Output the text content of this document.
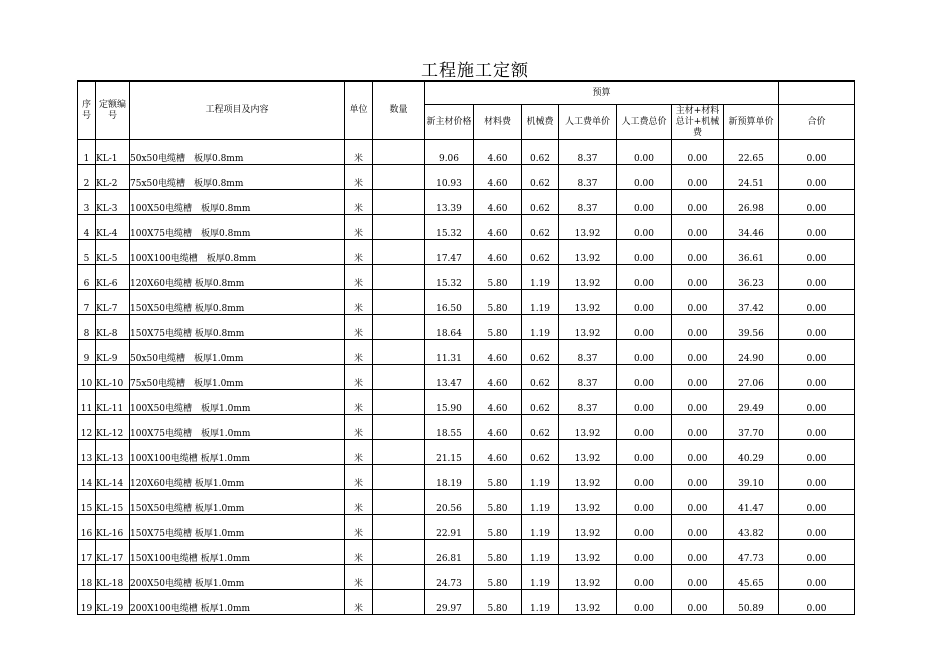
工程施工定额
序号	定额编号	工程项目及内容	单位	数量	预算							
					新主材价格	材料费	机械费	人工费单价	人工费总价	主材+材料总计+机械费	新预算单价	合价
1	KL-1	50x50电缆槽　板厚0.8mm	米		9.06	4.60	0.62	8.37	0.00	0.00	22.65	0.00
2	KL-2	75x50电缆槽　板厚0.8mm	米		10.93	4.60	0.62	8.37	0.00	0.00	24.51	0.00
3	KL-3	100X50电缆槽　板厚0.8mm	米		13.39	4.60	0.62	8.37	0.00	0.00	26.98	0.00
4	KL-4	100X75电缆槽　板厚0.8mm	米		15.32	4.60	0.62	13.92	0.00	0.00	34.46	0.00
5	KL-5	100X100电缆槽　板厚0.8mm	米		17.47	4.60	0.62	13.92	0.00	0.00	36.61	0.00
6	KL-6	120X60电缆槽 板厚0.8mm	米		15.32	5.80	1.19	13.92	0.00	0.00	36.23	0.00
7	KL-7	150X50电缆槽 板厚0.8mm	米		16.50	5.80	1.19	13.92	0.00	0.00	37.42	0.00
8	KL-8	150X75电缆槽 板厚0.8mm	米		18.64	5.80	1.19	13.92	0.00	0.00	39.56	0.00
9	KL-9	50x50电缆槽　板厚1.0mm	米		11.31	4.60	0.62	8.37	0.00	0.00	24.90	0.00
10	KL-10	75x50电缆槽　板厚1.0mm	米		13.47	4.60	0.62	8.37	0.00	0.00	27.06	0.00
11	KL-11	100X50电缆槽　板厚1.0mm	米		15.90	4.60	0.62	8.37	0.00	0.00	29.49	0.00
12	KL-12	100X75电缆槽　板厚1.0mm	米		18.55	4.60	0.62	13.92	0.00	0.00	37.70	0.00
13	KL-13	100X100电缆槽 板厚1.0mm	米		21.15	4.60	0.62	13.92	0.00	0.00	40.29	0.00
14	KL-14	120X60电缆槽 板厚1.0mm	米		18.19	5.80	1.19	13.92	0.00	0.00	39.10	0.00
15	KL-15	150X50电缆槽 板厚1.0mm	米		20.56	5.80	1.19	13.92	0.00	0.00	41.47	0.00
16	KL-16	150X75电缆槽 板厚1.0mm	米		22.91	5.80	1.19	13.92	0.00	0.00	43.82	0.00
17	KL-17	150X100电缆槽 板厚1.0mm	米		26.81	5.80	1.19	13.92	0.00	0.00	47.73	0.00
18	KL-18	200X50电缆槽 板厚1.0mm	米		24.73	5.80	1.19	13.92	0.00	0.00	45.65	0.00
19	KL-19	200X100电缆槽 板厚1.0mm	米		29.97	5.80	1.19	13.92	0.00	0.00	50.89	0.00
